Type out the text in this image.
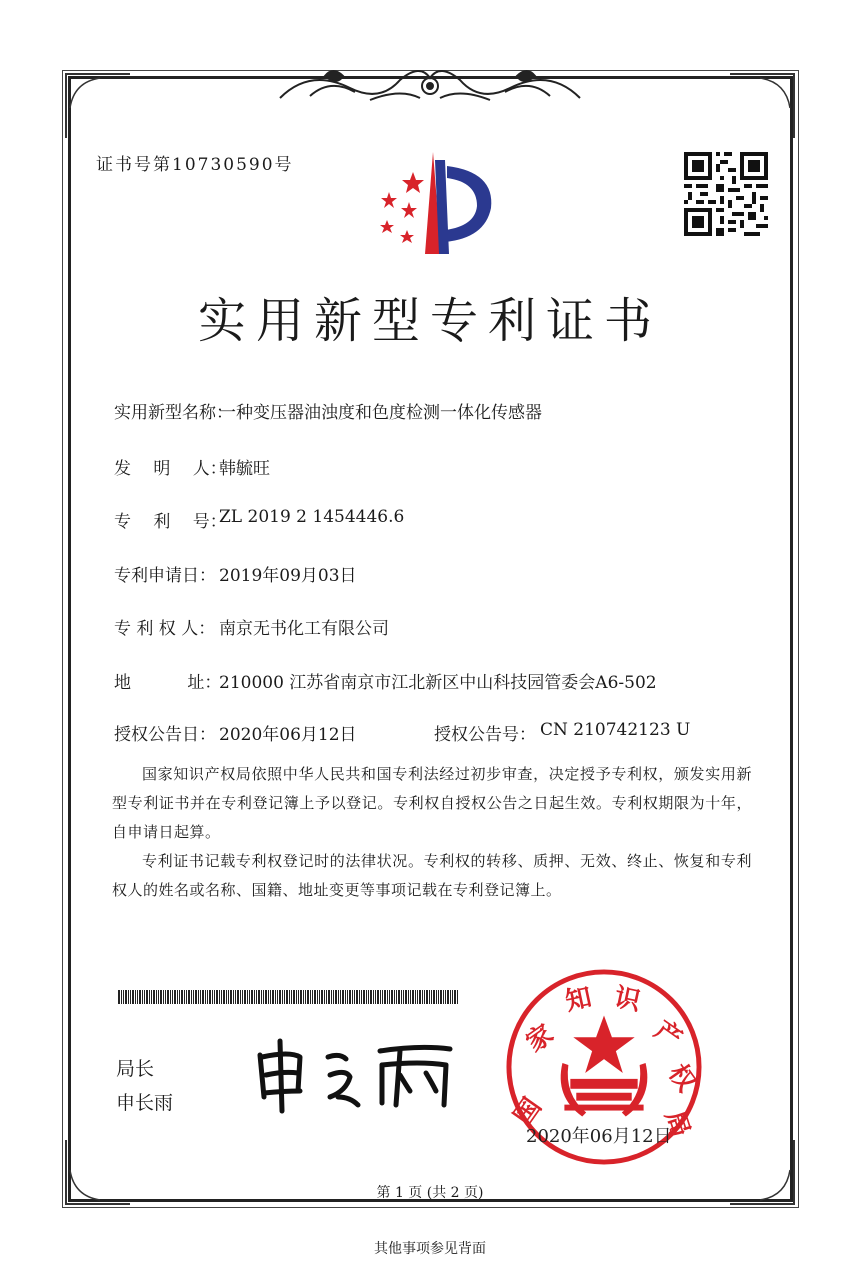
证书号第10730590号
实用新型专利证书
实用新型名称：
一种变压器油浊度和色度检测一体化传感器
发　 明　 人：
韩毓旺
专　 利　 号：
ZL 2019 2 1454446.6
专利申请日： 2019年09月03日
专 利 权 人： 南京无书化工有限公司
地　　　 址：
210000 江苏省南京市江北新区中山科技园管委会A6-502
授权公告日： 2020年06月12日	授权公告号： CN 210742123 U
国家知识产权局依照中华人民共和国专利法经过初步审查，决定授予专利权，颁发实用新型专利证书并在专利登记簿上予以登记。专利权自授权公告之日起生效。专利权期限为十年，自申请日起算。
专利证书记载专利权登记时的法律状况。专利权的转移、质押、无效、终止、恢复和专利权人的姓名或名称、国籍、地址变更等事项记载在专利登记簿上。
局长
申长雨	国
家
知 识
产
权
局
2020年06月12日
第 1 页 (共 2 页)
其他事项参见背面
